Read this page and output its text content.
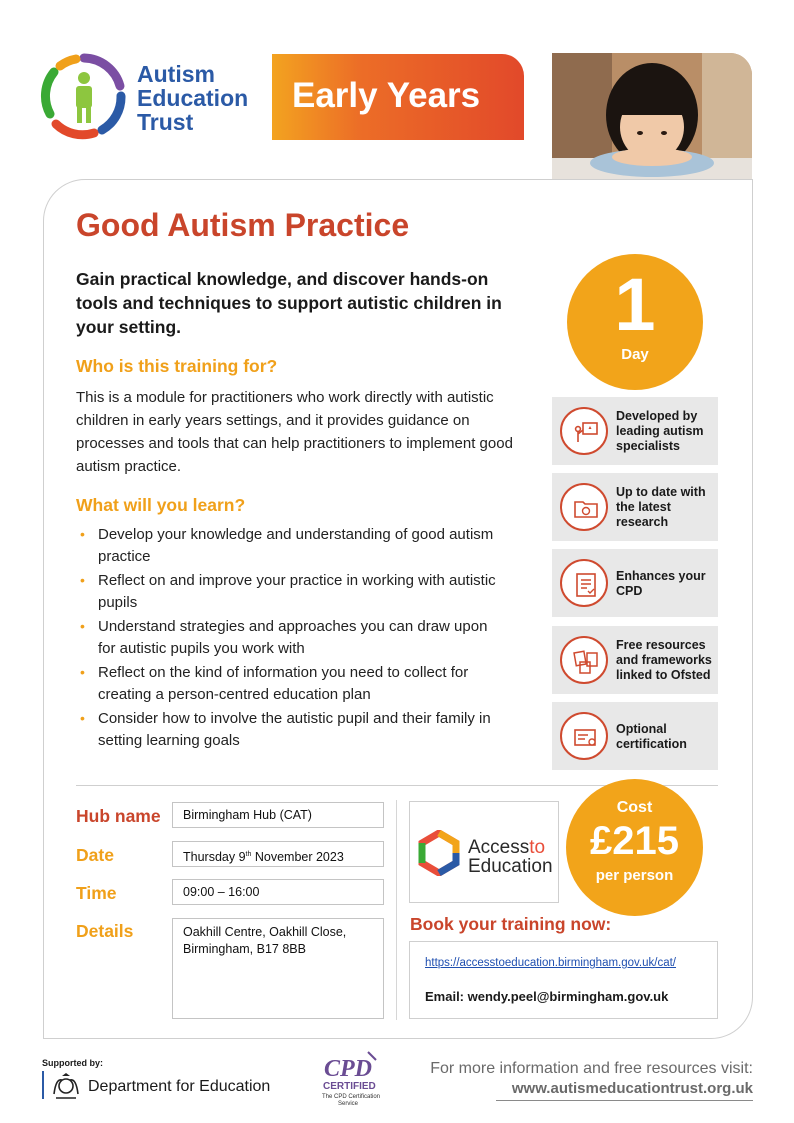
Autism
Education
Trust
Early Years
Good Autism Practice

Gain practical knowledge, and discover hands-on tools and techniques to support autistic children in your setting.

Who is this training for?

This is a module for practitioners who work directly with autistic children in early years settings, and it provides guidance on processes and tools that can help practitioners to implement good autism practice.

What will you learn?
• Develop your knowledge and understanding of good autism practice
• Reflect on and improve your practice in working with autistic pupils
• Understand strategies and approaches you can draw upon for autistic pupils you work with
• Reflect on the kind of information you need to collect for creating a person-centred education plan
• Consider how to involve the autistic pupil and their family in setting learning goals
1
Day
Developed by leading autism specialists
Up to date with the latest research
Enhances your CPD
Free resources and frameworks linked to Ofsted
Optional certification
Hub name	Birmingham Hub (CAT)
Date	Thursday 9th November 2023
Time	09:00 – 16:00
Details	Oakhill Centre, Oakhill Close,
Birmingham, B17 8BB
Accessto
Education
Cost
£215
per person
Book your training now:
https://accesstoeducation.birmingham.gov.uk/cat/
Email: wendy.peel@birmingham.gov.uk
Supported by:
Department for Education
CPD
CERTIFIED
The CPD Certification
Service
For more information and free resources visit:
www.autismeducationtrust.org.uk
